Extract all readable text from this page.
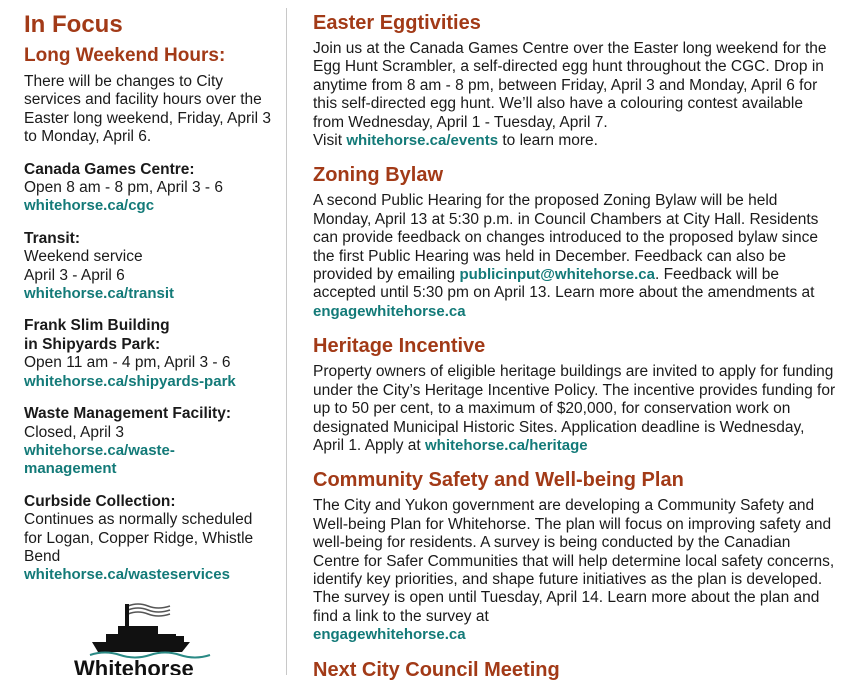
In Focus
Long Weekend Hours:

There will be changes to City services and facility hours over the Easter long weekend, Friday, April 3 to Monday, April 6.

Canada Games Centre:
Open 8 am - 8 pm, April 3 - 6
whitehorse.ca/cgc
Transit:
Weekend service
April 3 - April 6
whitehorse.ca/transit
Frank Slim Building
in Shipyards Park:
Open 11 am - 4 pm, April 3 - 6
whitehorse.ca/shipyards-park
Waste Management Facility:
Closed, April 3
whitehorse.ca/waste-
management
Curbside Collection:
Continues as normally scheduled
for Logan, Copper Ridge, Whistle
Bend
whitehorse.ca/wasteservices
Whitehorse
Easter Eggtivities

Join us at the Canada Games Centre over the Easter long weekend for the Egg Hunt Scrambler, a self-directed egg hunt throughout the CGC. Drop in anytime from 8 am - 8 pm, between Friday, April 3 and Monday, April 6 for this self-directed egg hunt. We’ll also have a colouring contest available from Wednesday, April 1 - Tuesday, April 7.
Visit whitehorse.ca/events to learn more.

Zoning Bylaw

A second Public Hearing for the proposed Zoning Bylaw will be held Monday, April 13 at 5:30 p.m. in Council Chambers at City Hall. Residents can provide feedback on changes introduced to the proposed bylaw since the first Public Hearing was held in December. Feedback can also be provided by emailing publicinput@whitehorse.ca. Feedback will be accepted until 5:30 pm on April 13. Learn more about the amendments at engagewhitehorse.ca

Heritage Incentive

Property owners of eligible heritage buildings are invited to apply for funding under the City’s Heritage Incentive Policy. The incentive provides funding for up to 50 per cent, to a maximum of $20,000, for conservation work on designated Municipal Historic Sites. Application deadline is Wednesday, April 1. Apply at whitehorse.ca/heritage

Community Safety and Well-being Plan

The City and Yukon government are developing a Community Safety and Well-being Plan for Whitehorse. The plan will focus on improving safety and well-being for residents. A survey is being conducted by the Canadian Centre for Safer Communities that will help determine local safety concerns, identify key priorities, and shape future initiatives as the plan is developed. The survey is open until Tuesday, April 14. Learn more about the plan and find a link to the survey at
engagewhitehorse.ca

Next City Council Meeting
